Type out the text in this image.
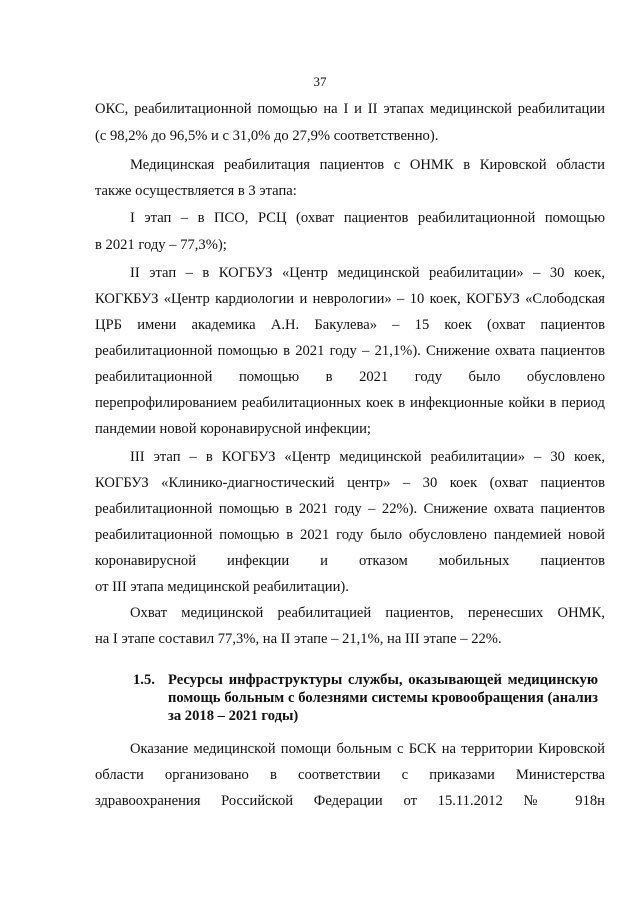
37
ОКС, реабилитационной помощью на I и II этапах медицинской реабилитации
(с 98,2% до 96,5% и с 31,0% до 27,9% соответственно).
Медицинская реабилитация пациентов с ОНМК в Кировской области
также осуществляется в 3 этапа:
I этап – в ПСО, РСЦ (охват пациентов реабилитационной помощью
в 2021 году – 77,3%);
II этап – в КОГБУЗ «Центр медицинской реабилитации» – 30 коек,
КОГКБУЗ «Центр кардиологии и неврологии» – 10 коек, КОГБУЗ «Слободская
ЦРБ имени академика А.Н. Бакулева» – 15 коек (охват пациентов
реабилитационной помощью в 2021 году – 21,1%). Снижение охвата пациентов
реабилитационной помощью в 2021 году было обусловлено
перепрофилированием реабилитационных коек в инфекционные койки в период
пандемии новой коронавирусной инфекции;
III этап – в КОГБУЗ «Центр медицинской реабилитации» – 30 коек,
КОГБУЗ «Клинико-диагностический центр» – 30 коек (охват пациентов
реабилитационной помощью в 2021 году – 22%). Снижение охвата пациентов
реабилитационной помощью в 2021 году было обусловлено пандемией новой
коронавирусной инфекции и отказом мобильных пациентов
от III этапа медицинской реабилитации).
Охват медицинской реабилитацией пациентов, перенесших ОНМК,
на I этапе составил 77,3%, на II этапе – 21,1%, на III этапе – 22%.
1.5. Ресурсы инфраструктуры службы, оказывающей медицинскую
помощь больным с болезнями системы кровообращения (анализ
за 2018 – 2021 годы)
Оказание медицинской помощи больным с БСК на территории Кировской
области организовано в соответствии с приказами Министерства
здравоохранения Российской Федерации от 15.11.2012 № 918н
